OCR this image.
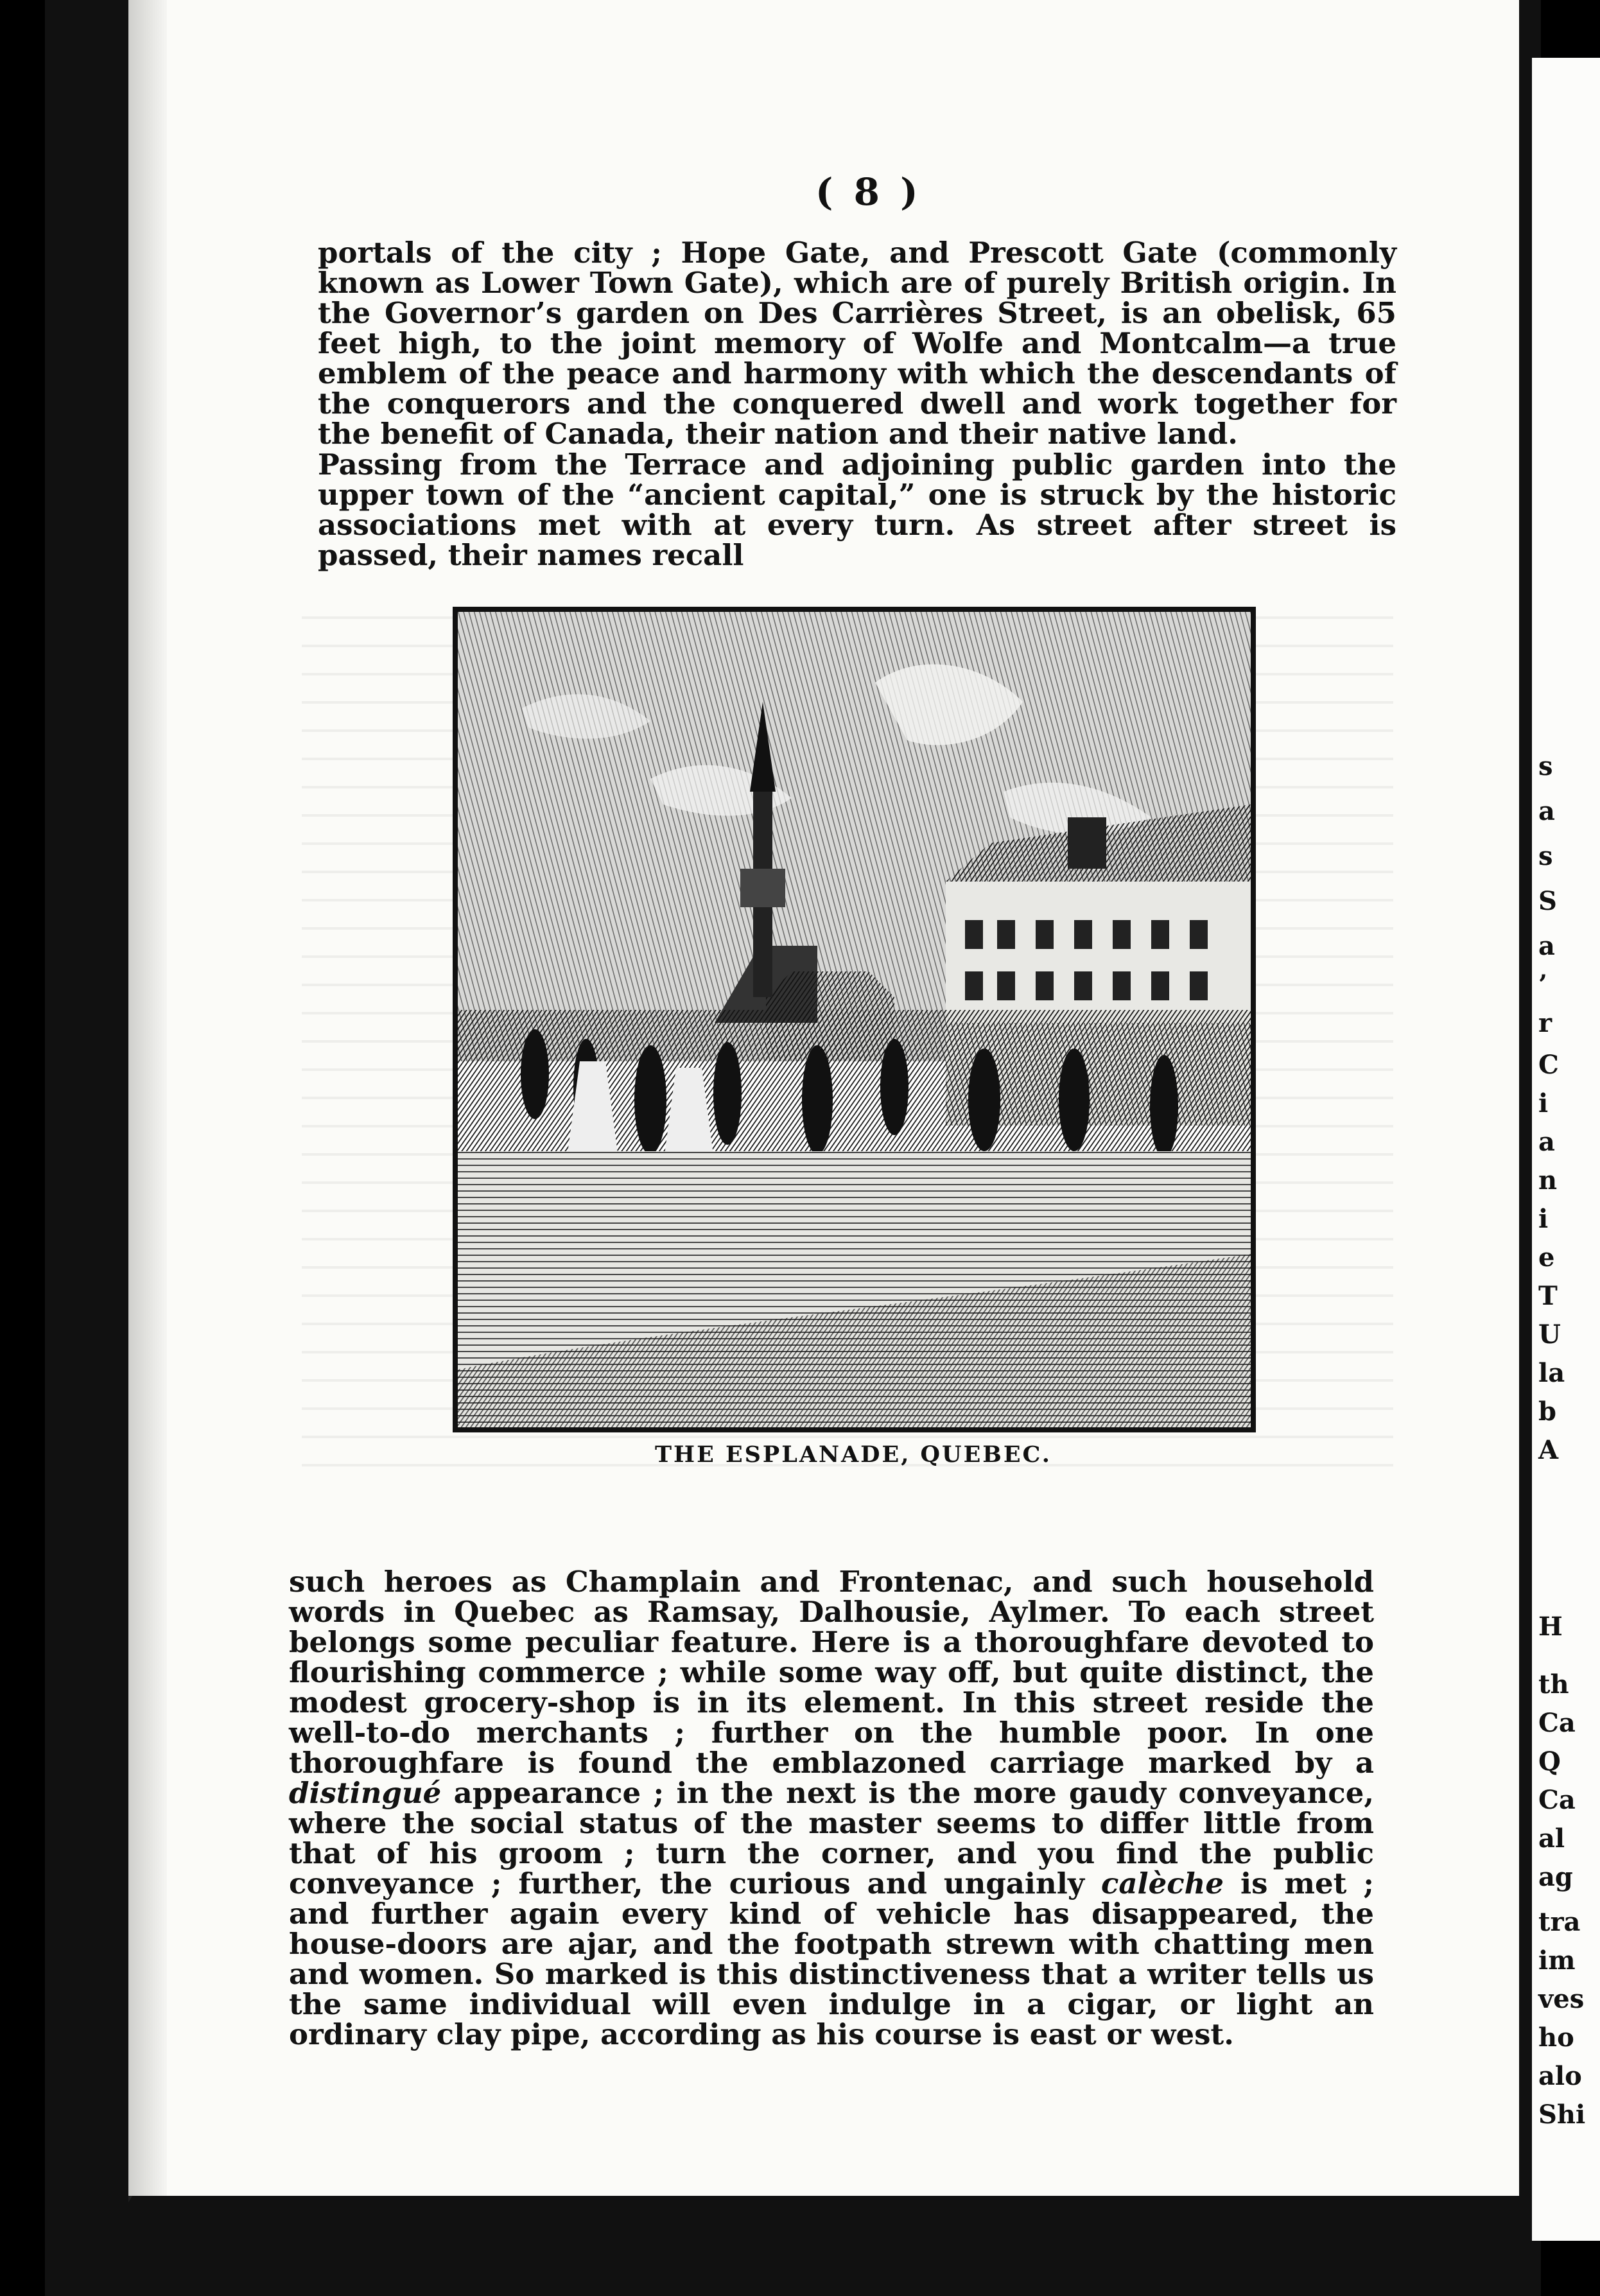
s
a
s
S
a
’
r
C
i
a
n
i
e
T
U
la
b
A
H
th
Ca
Q
Ca
al
ag
tra
im
ves
ho
alo
Shi
( 8 )

portals of the city ; Hope Gate, and Prescott Gate (commonly known as Lower Town Gate), which are of purely British origin. In the Governor’s garden on Des Carrières Street, is an obelisk, 65 feet high, to the joint memory of Wolfe and Montcalm—a true emblem of the peace and harmony with which the descendants of the conquerors and the conquered dwell and work together for the benefit of Canada, their nation and their native land.

Passing from the Terrace and adjoining public garden into the upper town of the “ancient capital,” one is struck by the historic associations met with at every turn. As street after street is passed, their names recall

THE ESPLANADE, QUEBEC.

such heroes as Champlain and Frontenac, and such household words in Quebec as Ramsay, Dalhousie, Aylmer. To each street belongs some peculiar feature. Here is a thoroughfare devoted to flourishing commerce ; while some way off, but quite distinct, the modest grocery-shop is in its element. In this street reside the well-to-do merchants ; further on the humble poor. In one thoroughfare is found the emblazoned carriage marked by a distingué appearance ; in the next is the more gaudy conveyance, where the social status of the master seems to differ little from that of his groom ; turn the corner, and you find the public conveyance ; further, the curious and ungainly calèche is met ; and further again every kind of vehicle has disappeared, the house-doors are ajar, and the footpath strewn with chatting men and women. So marked is this distinctiveness that a writer tells us the same individual will even indulge in a cigar, or light an ordinary clay pipe, according as his course is east or west.
